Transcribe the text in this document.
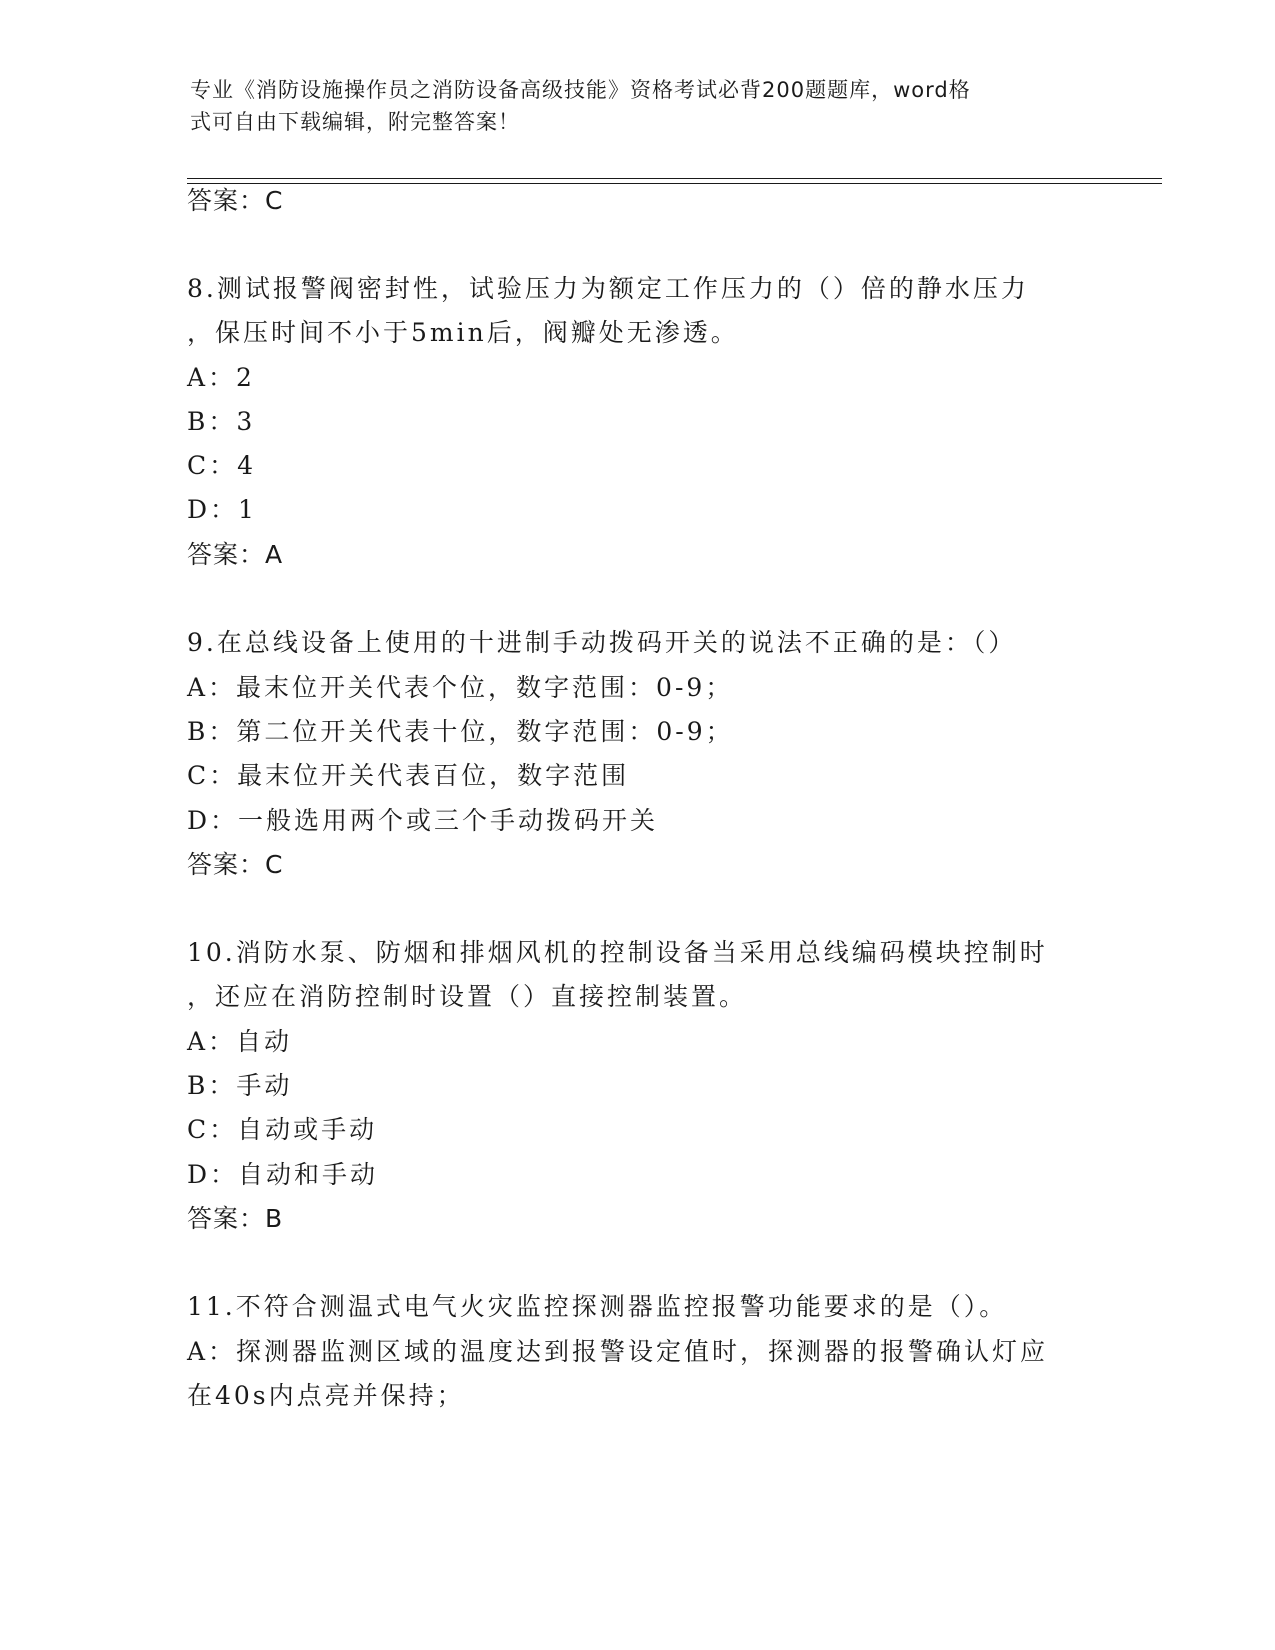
专业《消防设施操作员之消防设备高级技能》资格考试必背200题题库，word格
式可自由下载编辑，附完整答案！
答案：C
8.测试报警阀密封性，试验压力为额定工作压力的（）倍的静水压力
，保压时间不小于5min后，阀瓣处无渗透。
A：2
B：3
C：4
D：1
答案：A
9.在总线设备上使用的十进制手动拨码开关的说法不正确的是：（）
A：最末位开关代表个位，数字范围：0-9；
B：第二位开关代表十位，数字范围：0-9；
C：最末位开关代表百位，数字范围
D：一般选用两个或三个手动拨码开关
答案：C
10.消防水泵、防烟和排烟风机的控制设备当采用总线编码模块控制时
，还应在消防控制时设置（）直接控制装置。
A：自动
B：手动
C：自动或手动
D：自动和手动
答案：B
11.不符合测温式电气火灾监控探测器监控报警功能要求的是（）。
A：探测器监测区域的温度达到报警设定值时，探测器的报警确认灯应
在40s内点亮并保持；
